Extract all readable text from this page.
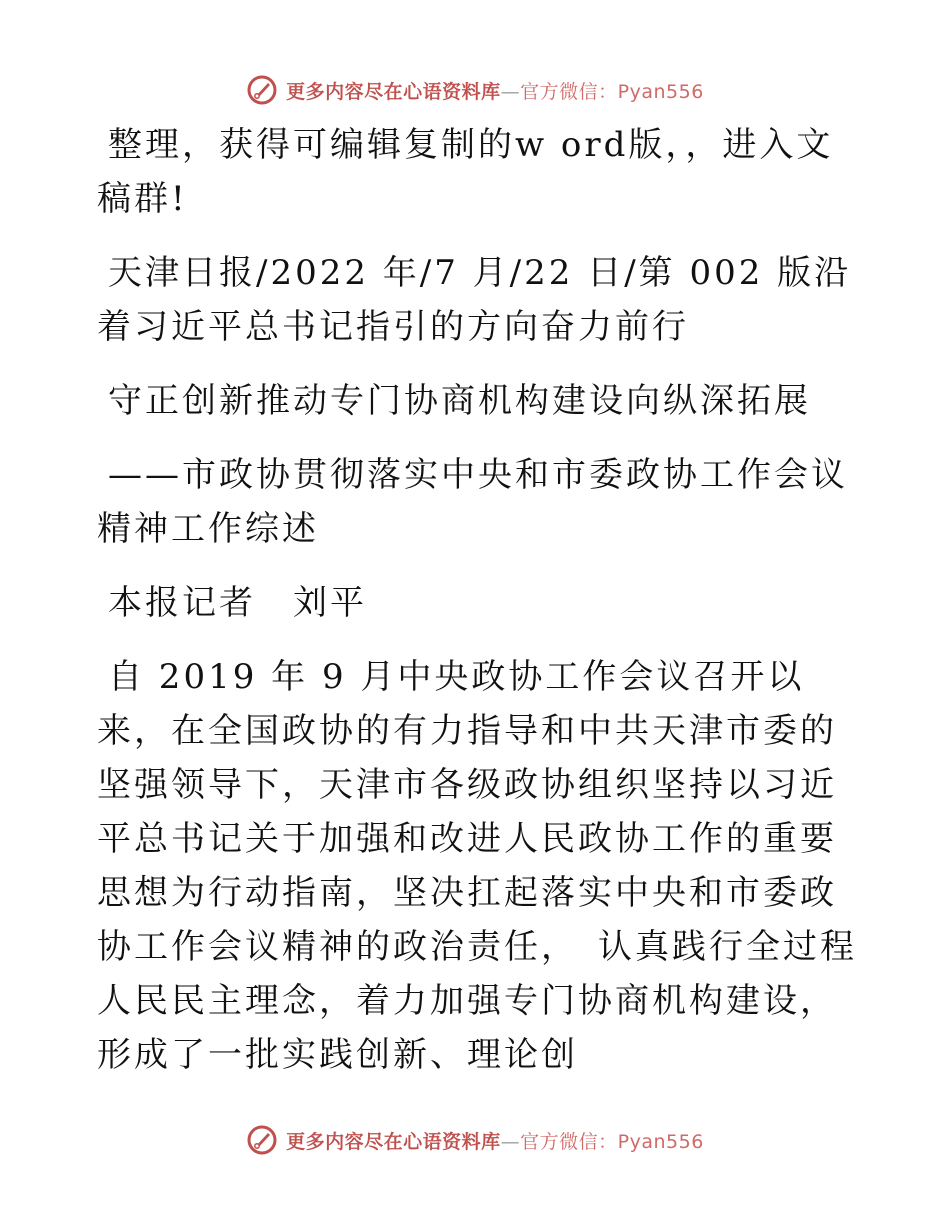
更多内容尽在心语资料库—官方微信：Pyan556

整理，获得可编辑复制的w ord版，，进入文稿群!

天津日报/2022 年/7 月/22 日/第 002 版沿着习近平总书记指引的方向奋力前行

守正创新推动专门协商机构建设向纵深拓展

——市政协贯彻落实中央和市委政协工作会议精神工作综述

本报记者　刘平

自 2019 年 9 月中央政协工作会议召开以来，在全国政协的有力指导和中共天津市委的坚强领导下，天津市各级政协组织坚持以习近平总书记关于加强和改进人民政协工作的重要思想为行动指南，坚决扛起落实中央和市委政协工作会议精神的政治责任，　认真践行全过程人民民主理念，着力加强专门协商机构建设，形成了一批实践创新、理论创

更多内容尽在心语资料库—官方微信：Pyan556
